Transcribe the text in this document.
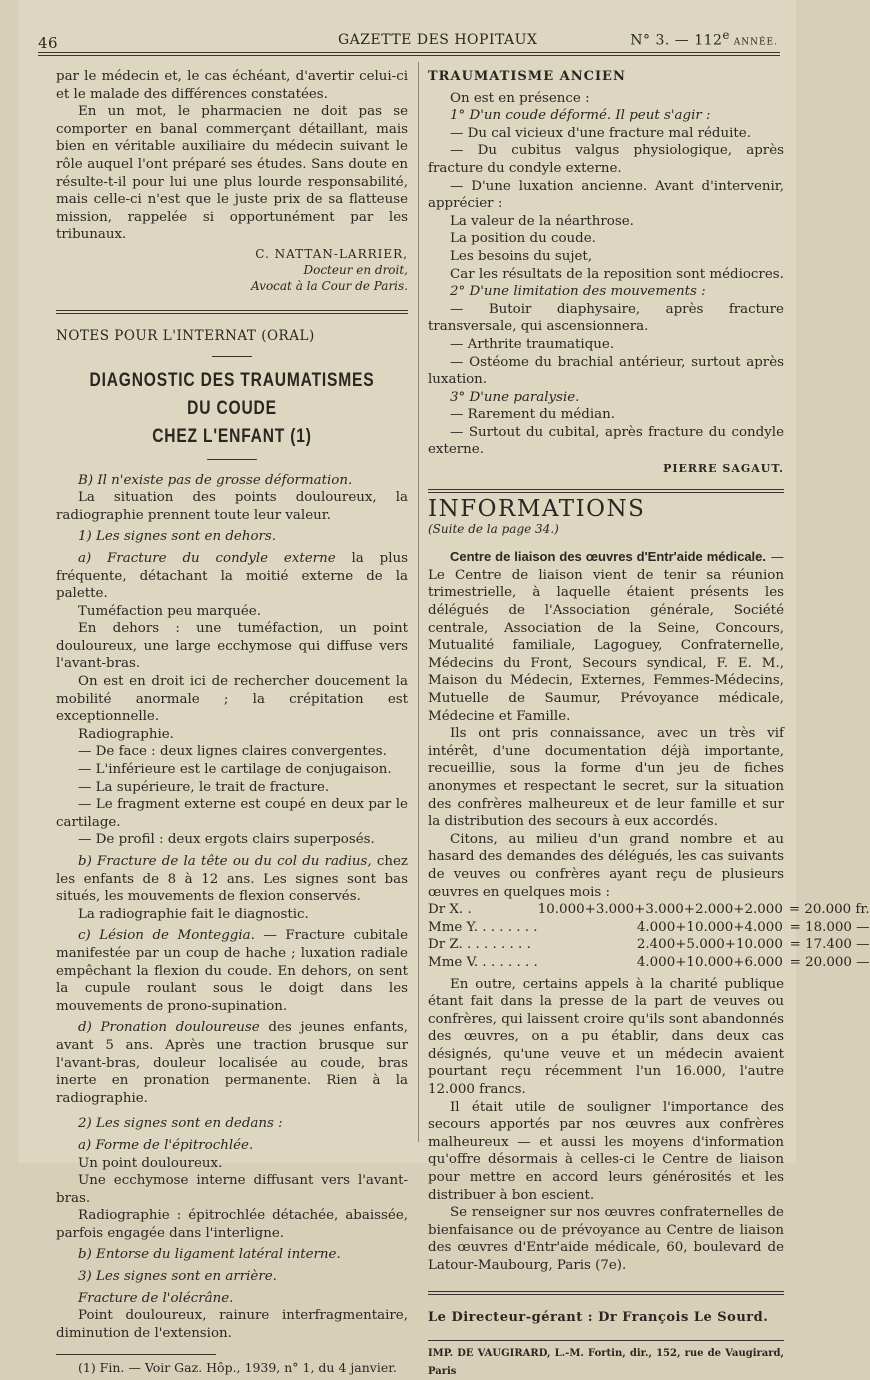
46	GAZETTE DES HOPITAUX	N° 3. — 112e ANNÉE.

par le médecin et, le cas échéant, d'avertir celui-ci et le malade des différences constatées.

En un mot, le pharmacien ne doit pas se comporter en banal commerçant détaillant, mais bien en véritable auxiliaire du médecin suivant le rôle auquel l'ont préparé ses études. Sans doute en résulte-t-il pour lui une plus lourde responsabilité, mais celle-ci n'est que le juste prix de sa flatteuse mission, rappelée si opportunément par les tribunaux.

C. NATTAN-LARRIER,
Docteur en droit,
Avocat à la Cour de Paris.

NOTES POUR L'INTERNAT (ORAL)

DIAGNOSTIC DES TRAUMATISMES DU COUDE
CHEZ L'ENFANT (1)

B) Il n'existe pas de grosse déformation.

La situation des points douloureux, la radiographie prennent toute leur valeur.

1) Les signes sont en dehors.

a) Fracture du condyle externe la plus fréquente, détachant la moitié externe de la palette.

Tuméfaction peu marquée.

En dehors : une tuméfaction, un point douloureux, une large ecchymose qui diffuse vers l'avant-bras.

On est en droit ici de rechercher doucement la mobilité anormale ; la crépitation est exceptionnelle.

Radiographie.

— De face : deux lignes claires convergentes.

— L'inférieure est le cartilage de conjugaison.

— La supérieure, le trait de fracture.

— Le fragment externe est coupé en deux par le cartilage.

— De profil : deux ergots clairs superposés.

b) Fracture de la tête ou du col du radius, chez les enfants de 8 à 12 ans. Les signes sont bas situés, les mouvements de flexion conservés.

La radiographie fait le diagnostic.

c) Lésion de Monteggia. — Fracture cubitale manifestée par un coup de hache ; luxation radiale empêchant la flexion du coude. En dehors, on sent la cupule roulant sous le doigt dans les mouvements de prono-supination.

d) Pronation douloureuse des jeunes enfants, avant 5 ans. Après une traction brusque sur l'avant-bras, douleur localisée au coude, bras inerte en pronation permanente. Rien à la radiographie.

2) Les signes sont en dedans :

a) Forme de l'épitrochlée.

Un point douloureux.

Une ecchymose interne diffusant vers l'avant-bras.

Radiographie : épitrochlée détachée, abaissée, parfois engagée dans l'interligne.

b) Entorse du ligament latéral interne.

3) Les signes sont en arrière.

Fracture de l'olécrâne.

Point douloureux, rainure interfragmentaire, diminution de l'extension.

(1) Fin. — Voir Gaz. Hôp., 1939, n° 1, du 4 janvier.

TRAUMATISME ANCIEN

On est en présence :

1° D'un coude déformé. Il peut s'agir :

— Du cal vicieux d'une fracture mal réduite.

— Du cubitus valgus physiologique, après fracture du condyle externe.

— D'une luxation ancienne. Avant d'intervenir, apprécier :

La valeur de la néarthrose.

La position du coude.

Les besoins du sujet,

Car les résultats de la reposition sont médiocres.

2° D'une limitation des mouvements :

— Butoir diaphysaire, après fracture transversale, qui ascensionnera.

— Arthrite traumatique.

— Ostéome du brachial antérieur, surtout après luxation.

3° D'une paralysie.

— Rarement du médian.

— Surtout du cubital, après fracture du condyle externe.

PIERRE SAGAUT.

INFORMATIONS

(Suite de la page 34.)

Centre de liaison des œuvres d'Entr'aide médicale. — Le Centre de liaison vient de tenir sa réunion trimestrielle, à laquelle étaient présents les délégués de l'Association générale, Société centrale, Association de la Seine, Concours, Mutualité familiale, Lagoguey, Confraternelle, Médecins du Front, Secours syndical, F. E. M., Maison du Médecin, Externes, Femmes-Médecins, Mutuelle de Saumur, Prévoyance médicale, Médecine et Famille.

Ils ont pris connaissance, avec un très vif intérêt, d'une documentation déjà importante, recueillie, sous la forme d'un jeu de fiches anonymes et respectant le secret, sur la situation des confrères malheureux et de leur famille et sur la distribution des secours à eux accordés.

Citons, au milieu d'un grand nombre et au hasard des demandes des délégués, les cas suivants de veuves ou confrères ayant reçu de plusieurs œuvres en quelques mois :

Dr X. .	10.000+3.000+3.000+2.000+2.000	= 20.000 fr.
Mme Y. . . . . . . .	4.000+10.000+4.000	= 18.000 —
Dr Z. . . . . . . . .	2.400+5.000+10.000	= 17.400 —
Mme V. . . . . . . .	4.000+10.000+6.000	= 20.000 —

En outre, certains appels à la charité publique étant fait dans la presse de la part de veuves ou confrères, qui laissent croire qu'ils sont abandonnés des œuvres, on a pu établir, dans deux cas désignés, qu'une veuve et un médecin avaient pourtant reçu récemment l'un 16.000, l'autre 12.000 francs.

Il était utile de souligner l'importance des secours apportés par nos œuvres aux confrères malheureux — et aussi les moyens d'information qu'offre désormais à celles-ci le Centre de liaison pour mettre en accord leurs générosités et les distribuer à bon escient.

Se renseigner sur nos œuvres confraternelles de bienfaisance ou de prévoyance au Centre de liaison des œuvres d'Entr'aide médicale, 60, boulevard de Latour-Maubourg, Paris (7e).

Le Directeur-gérant : Dr François Le Sourd.

IMP. DE VAUGIRARD, L.-M. Fortin, dir., 152, rue de Vaugirard, Paris
